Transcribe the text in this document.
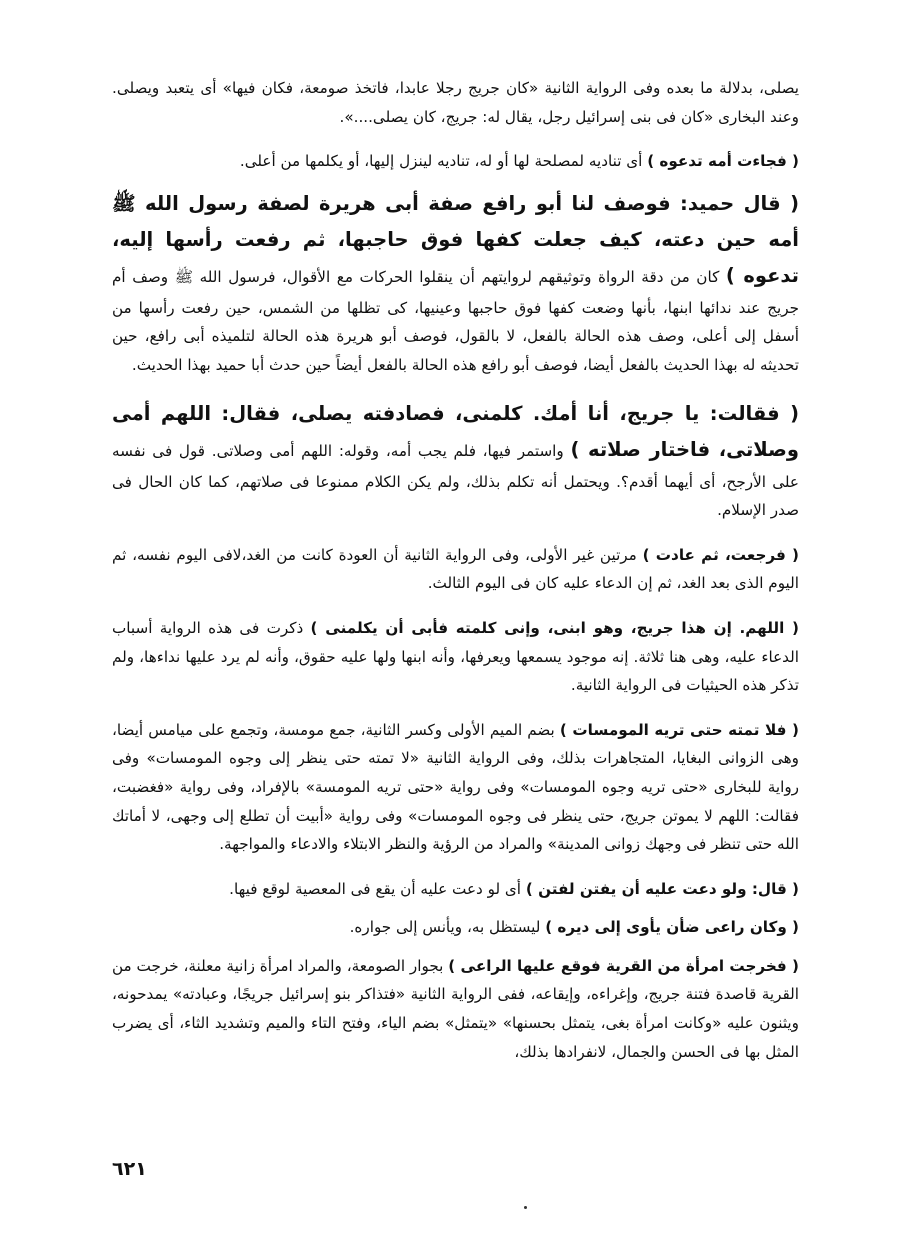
يصلى، بدلالة ما بعده وفى الرواية الثانية «كان جريج رجلا عابدا، فاتخذ صومعة، فكان فيها» أى يتعبد ويصلى. وعند البخارى «كان فى بنى إسرائيل رجل، يقال له: جريج، كان يصلى....».

( فجاءت أمه تدعوه ) أى تناديه لمصلحة لها أو له، تناديه لينزل إليها، أو يكلمها من أعلى.

( قال حميد: فوصف لنا أبو رافع صفة أبى هريرة لصفة رسول الله ﷺ أمه حين دعته، كيف جعلت كفها فوق حاجبها، ثم رفعت رأسها إليه، تدعوه ) كان من دقة الرواة وتوثيقهم لروايتهم أن ينقلوا الحركات مع الأقوال، فرسول الله ﷺ وصف أم جريج عند ندائها ابنها، بأنها وضعت كفها فوق حاجبها وعينيها، كى تظلها من الشمس، حين رفعت رأسها من أسفل إلى أعلى، وصف هذه الحالة بالفعل، لا بالقول، فوصف أبو هريرة هذه الحالة لتلميذه أبى رافع، حين تحديثه له بهذا الحديث بالفعل أيضا، فوصف أبو رافع هذه الحالة بالفعل أيضاً حين حدث أبا حميد بهذا الحديث.

( فقالت: يا جريج، أنا أمك. كلمنى، فصادفته يصلى، فقال: اللهم أمى وصلاتى، فاختار صلاته ) واستمر فيها، فلم يجب أمه، وقوله: اللهم أمى وصلاتى. قول فى نفسه على الأرجح، أى أيهما أقدم؟. ويحتمل أنه تكلم بذلك، ولم يكن الكلام ممنوعا فى صلاتهم، كما كان الحال فى صدر الإسلام.

( فرجعت، ثم عادت ) مرتين غير الأولى، وفى الرواية الثانية أن العودة كانت من الغد،لافى اليوم نفسه، ثم اليوم الذى بعد الغد، ثم إن الدعاء عليه كان فى اليوم الثالث.

( اللهم. إن هذا جريج، وهو ابنى، وإنى كلمته فأبى أن يكلمنى ) ذكرت فى هذه الرواية أسباب الدعاء عليه، وهى هنا ثلاثة. إنه موجود يسمعها ويعرفها، وأنه ابنها ولها عليه حقوق، وأنه لم يرد عليها نداءها، ولم تذكر هذه الحيثيات فى الرواية الثانية.

( فلا تمته حتى تريه المومسات ) بضم الميم الأولى وكسر الثانية، جمع مومسة، وتجمع على ميامس أيضا، وهى الزوانى البغايا، المتجاهرات بذلك، وفى الرواية الثانية «لا تمته حتى ينظر إلى وجوه المومسات» وفى رواية للبخارى «حتى تريه وجوه المومسات» وفى رواية «حتى تريه المومسة» بالإفراد، وفى رواية «فغضبت، فقالت: اللهم لا يموتن جريج، حتى ينظر فى وجوه المومسات» وفى رواية «أبيت أن تطلع إلى وجهى، لا أماتك الله حتى تنظر فى وجهك زوانى المدينة» والمراد من الرؤية والنظر الابتلاء والادعاء والمواجهة.

( قال: ولو دعت عليه أن يفتن لفتن ) أى لو دعت عليه أن يقع فى المعصية لوقع فيها.

( وكان راعى ضأن يأوى إلى ديره ) ليستظل به، ويأنس إلى جواره.

( فخرجت امرأة من القرية فوقع عليها الراعى ) بجوار الصومعة، والمراد امرأة زانية معلنة، خرجت من القرية قاصدة فتنة جريج، وإغراءه، وإيقاعه، ففى الرواية الثانية «فتذاكر بنو إسرائيل جريجًا، وعبادته» يمدحونه، ويثنون عليه «وكانت امرأة بغى، يتمثل بحسنها» «يتمثل» بضم الياء، وفتح التاء والميم وتشديد الثاء، أى يضرب المثل بها فى الحسن والجمال، لانفرادها بذلك،

٦٢١
